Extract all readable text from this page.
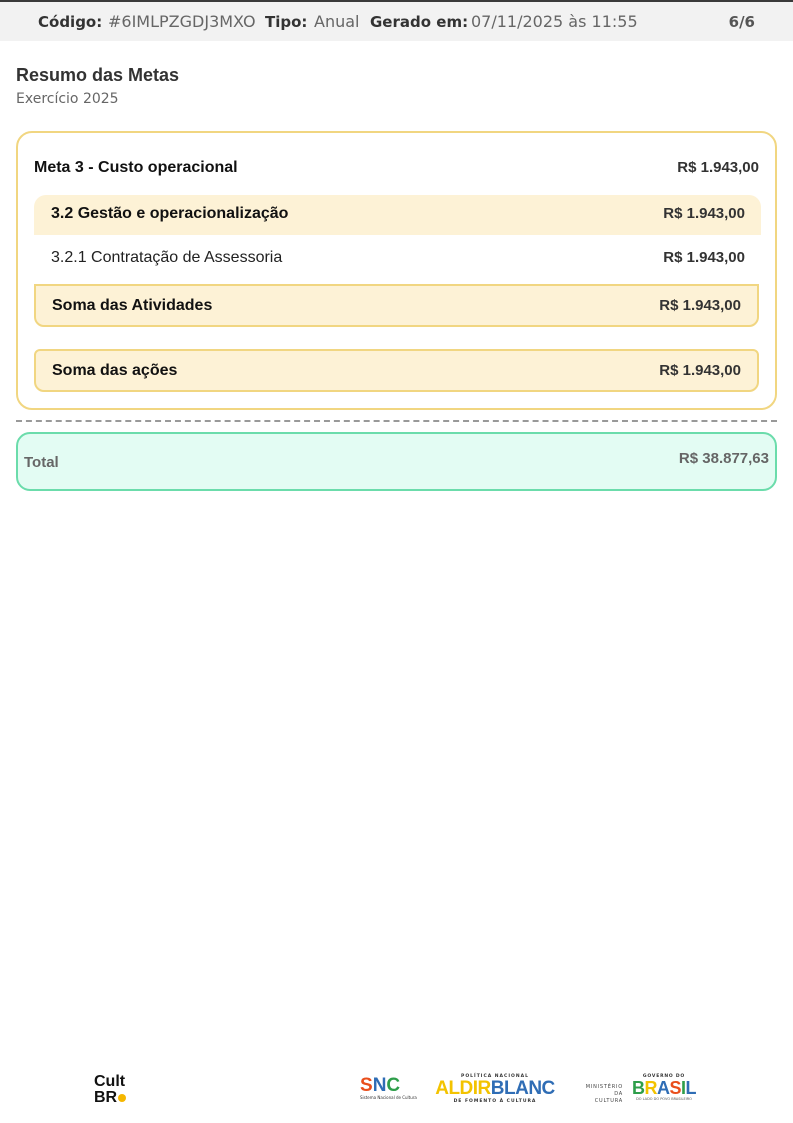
Código: #6IMLPZGDJ3MXO Tipo: Anual Gerado em: 07/11/2025 às 11:55	6/6
Resumo das Metas
Exercício 2025
Meta 3 - Custo operacional	R$ 1.943,00
3.2 Gestão e operacionalização	R$ 1.943,00
3.2.1 Contratação de Assessoria	R$ 1.943,00
Soma das Atividades	R$ 1.943,00
Soma das ações	R$ 1.943,00
Total	R$ 38.877,63
Cult
BR
SNC
Sistema Nacional de Cultura
POLÍTICA NACIONAL
ALDIRBLANC
DE FOMENTO À CULTURA
MINISTÉRIO DA
CULTURA
GOVERNO DO
BRASIL
DO LADO DO POVO BRASILEIRO
